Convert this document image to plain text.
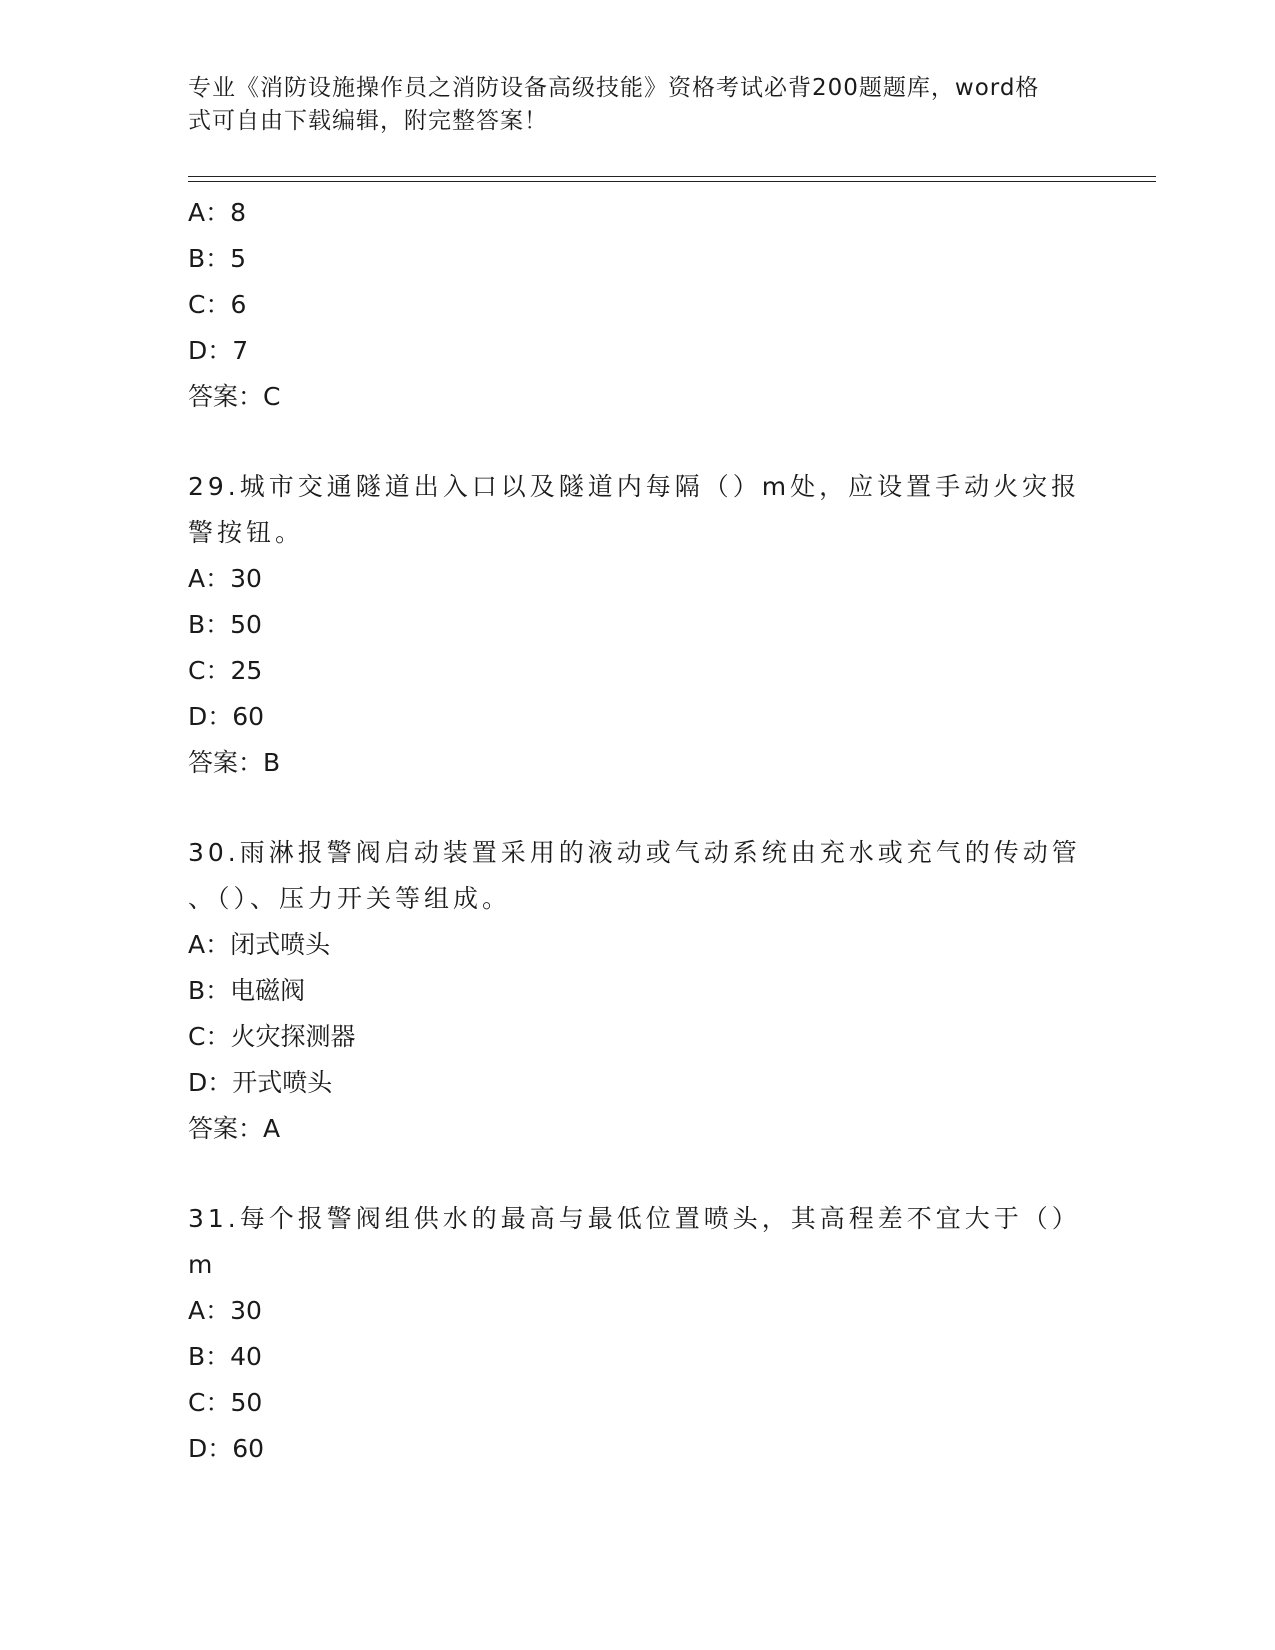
专业《消防设施操作员之消防设备高级技能》资格考试必背200题题库，word格
式可自由下载编辑，附完整答案！
A：8
B：5
C：6
D：7
答案：C
29.城市交通隧道出入口以及隧道内每隔（）m处，应设置手动火灾报
警按钮。
A：30
B：50
C：25
D：60
答案：B
30.雨淋报警阀启动装置采用的液动或气动系统由充水或充气的传动管
、（）、压力开关等组成。
A：闭式喷头
B：电磁阀
C：火灾探测器
D：开式喷头
答案：A
31.每个报警阀组供水的最高与最低位置喷头，其高程差不宜大于（）
m
A：30
B：40
C：50
D：60
